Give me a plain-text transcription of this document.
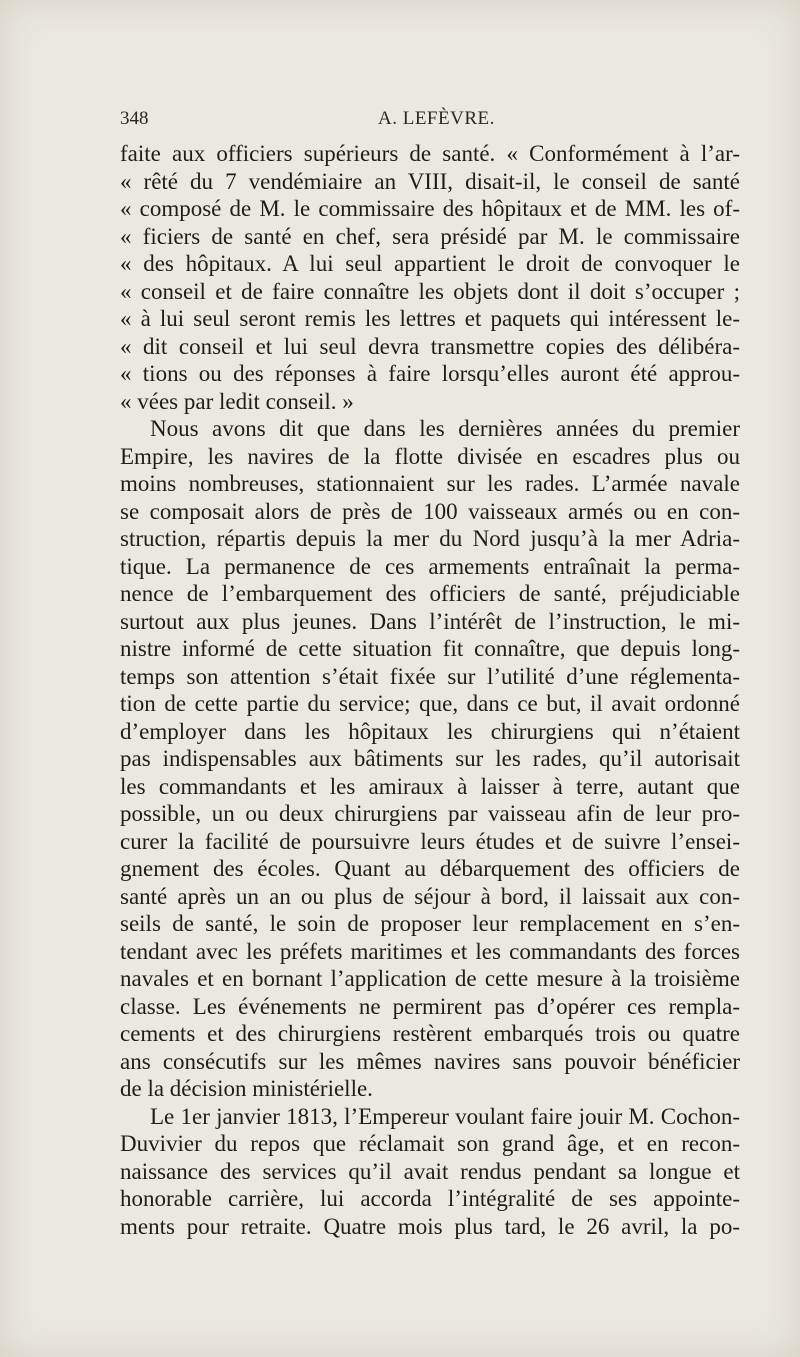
348	A. LEFÈVRE.
faite aux officiers supérieurs de santé. « Conformément à l’ar-
« rêté du 7 vendémiaire an VIII, disait-il, le conseil de santé
« composé de M. le commissaire des hôpitaux et de MM. les of-
« ficiers de santé en chef, sera présidé par M. le commissaire
« des hôpitaux. A lui seul appartient le droit de convoquer le
« conseil et de faire connaître les objets dont il doit s’occuper ;
« à lui seul seront remis les lettres et paquets qui intéressent le-
« dit conseil et lui seul devra transmettre copies des délibéra-
« tions ou des réponses à faire lorsqu’elles auront été approu-
« vées par ledit conseil. »
Nous avons dit que dans les dernières années du premier
Empire, les navires de la flotte divisée en escadres plus ou
moins nombreuses, stationnaient sur les rades. L’armée navale
se composait alors de près de 100 vaisseaux armés ou en con-
struction, répartis depuis la mer du Nord jusqu’à la mer Adria-
tique. La permanence de ces armements entraînait la perma-
nence de l’embarquement des officiers de santé, préjudiciable
surtout aux plus jeunes. Dans l’intérêt de l’instruction, le mi-
nistre informé de cette situation fit connaître, que depuis long-
temps son attention s’était fixée sur l’utilité d’une réglementa-
tion de cette partie du service; que, dans ce but, il avait ordonné
d’employer dans les hôpitaux les chirurgiens qui n’étaient
pas indispensables aux bâtiments sur les rades, qu’il autorisait
les commandants et les amiraux à laisser à terre, autant que
possible, un ou deux chirurgiens par vaisseau afin de leur pro-
curer la facilité de poursuivre leurs études et de suivre l’ensei-
gnement des écoles. Quant au débarquement des officiers de
santé après un an ou plus de séjour à bord, il laissait aux con-
seils de santé, le soin de proposer leur remplacement en s’en-
tendant avec les préfets maritimes et les commandants des forces
navales et en bornant l’application de cette mesure à la troisième
classe. Les événements ne permirent pas d’opérer ces rempla-
cements et des chirurgiens restèrent embarqués trois ou quatre
ans consécutifs sur les mêmes navires sans pouvoir bénéficier
de la décision ministérielle.
Le 1er janvier 1813, l’Empereur voulant faire jouir M. Cochon-
Duvivier du repos que réclamait son grand âge, et en recon-
naissance des services qu’il avait rendus pendant sa longue et
honorable carrière, lui accorda l’intégralité de ses appointe-
ments pour retraite. Quatre mois plus tard, le 26 avril, la po-
